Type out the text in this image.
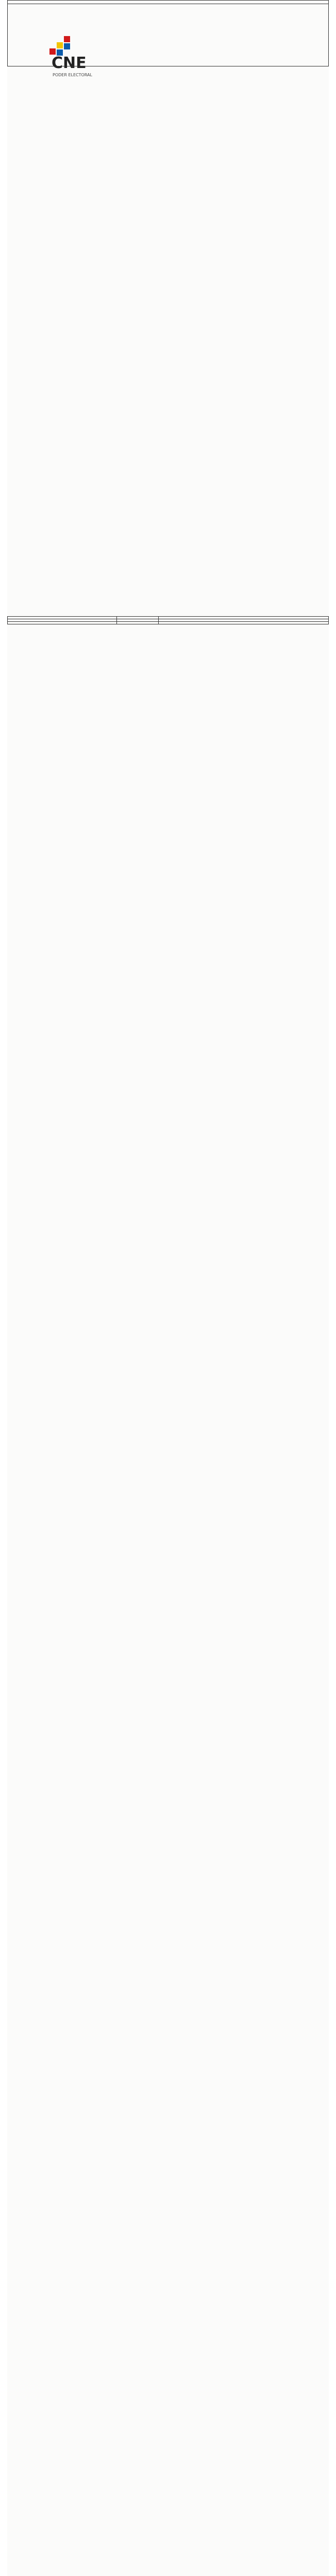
CNE
PODER ELECTORAL
